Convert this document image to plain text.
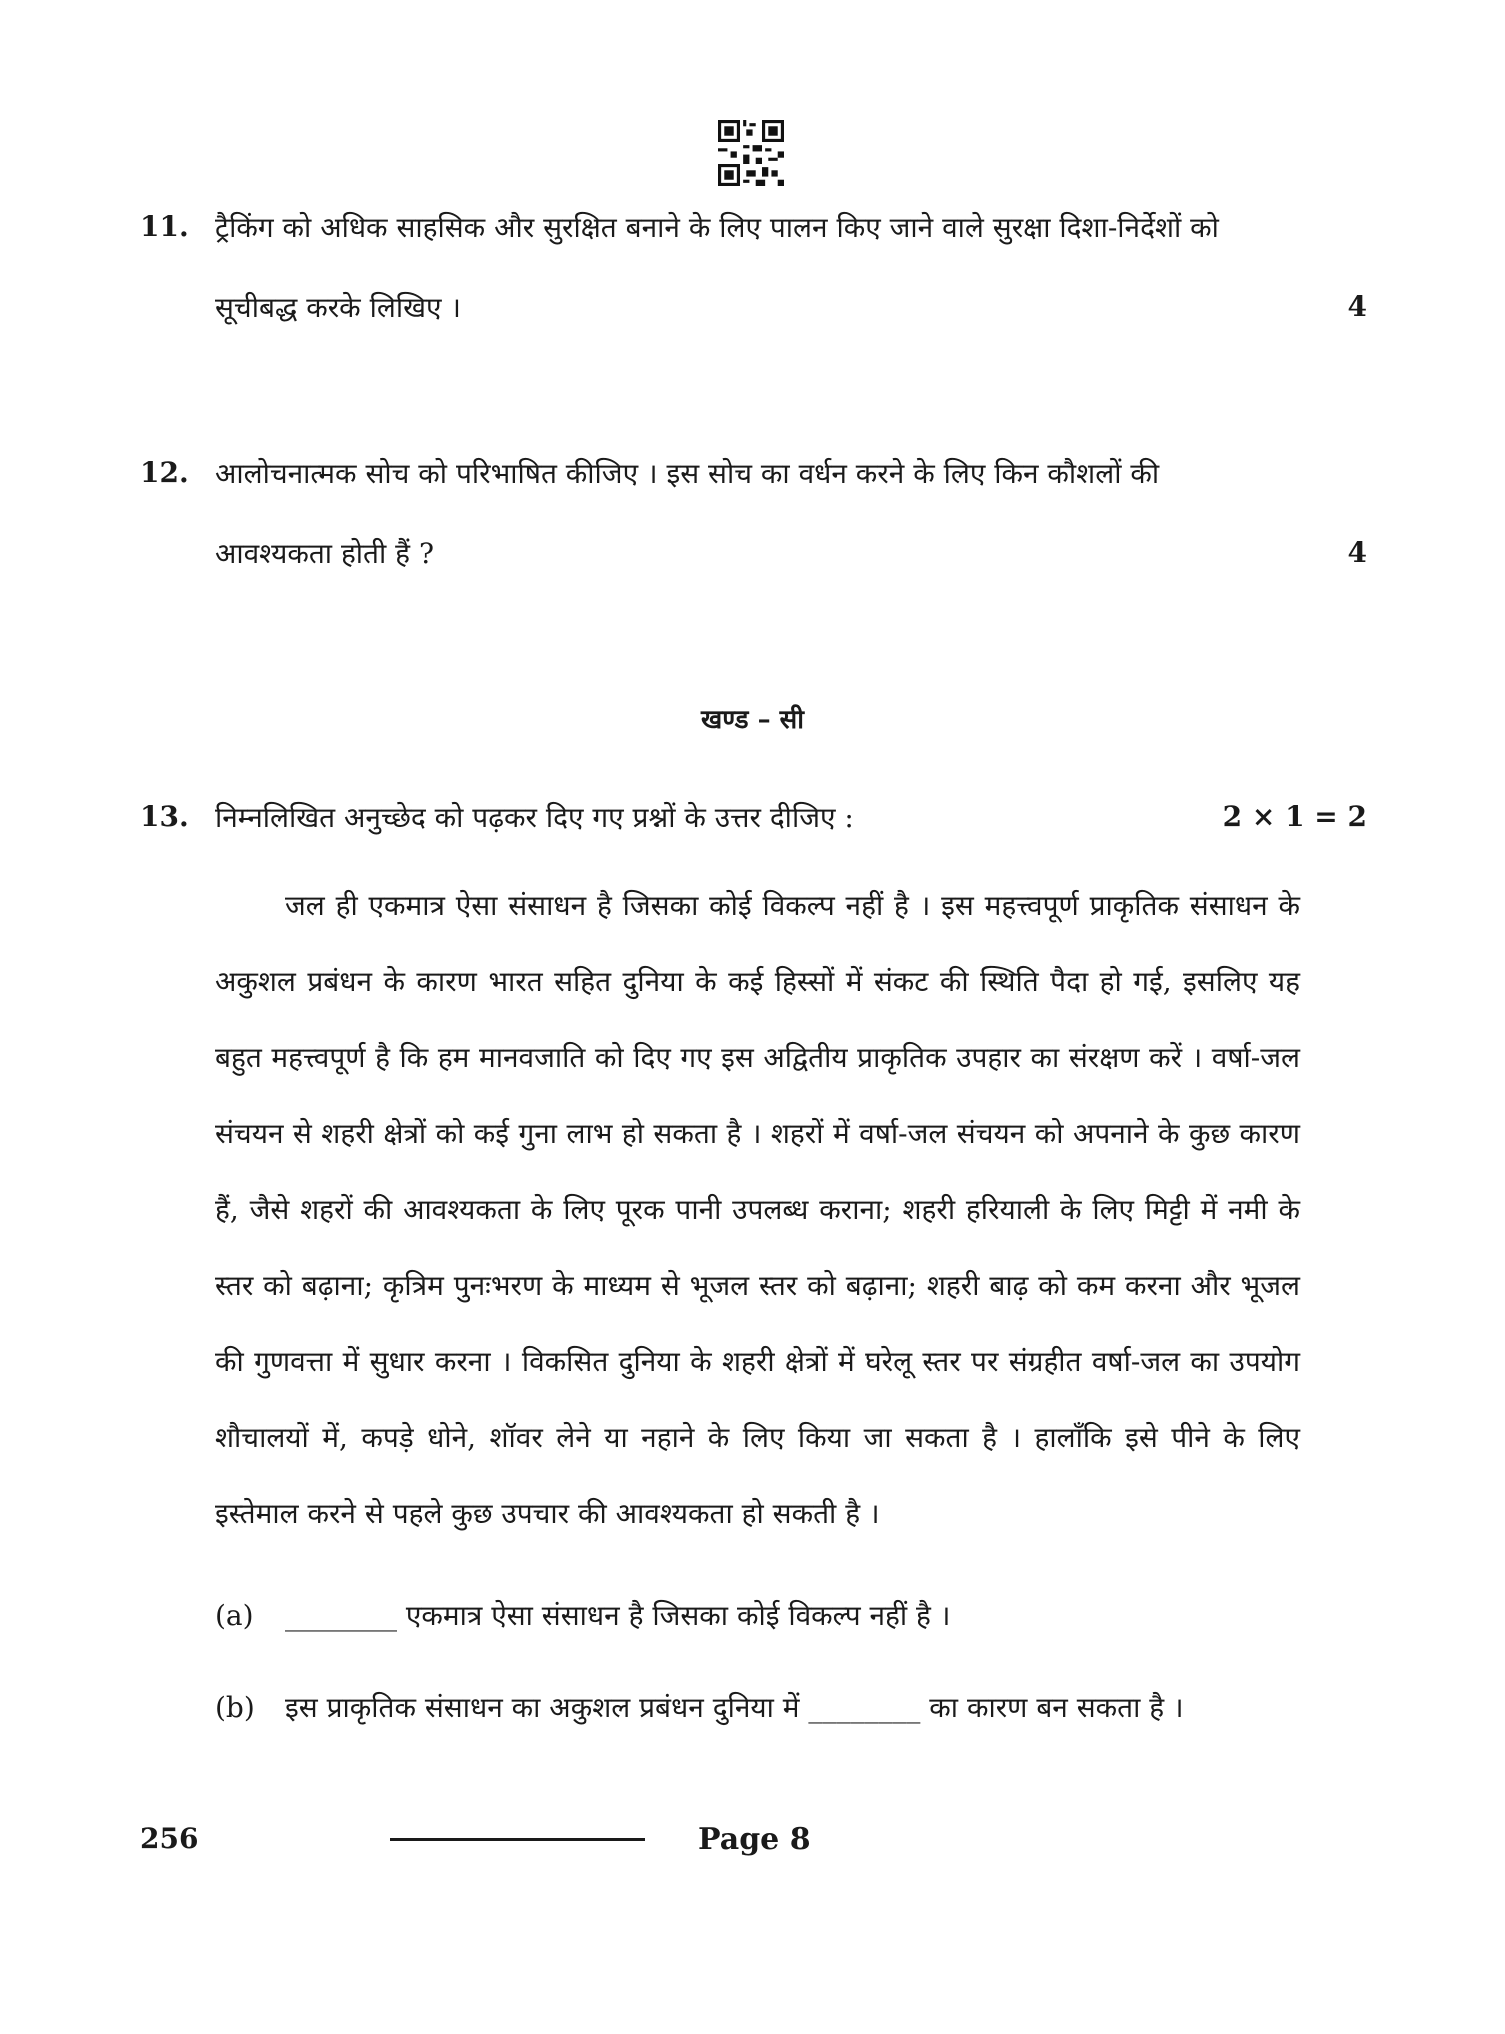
11. ट्रैकिंग को अधिक साहसिक और सुरक्षित बनाने के लिए पालन किए जाने वाले सुरक्षा दिशा-निर्देशों को
सूचीबद्ध करके लिखिए ।	4
12. आलोचनात्मक सोच को परिभाषित कीजिए । इस सोच का वर्धन करने के लिए किन कौशलों की
आवश्यकता होती हैं ?	4
खण्ड – सी
13. निम्नलिखित अनुच्छेद को पढ़कर दिए गए प्रश्नों के उत्तर दीजिए :	2 × 1 = 2
जल ही एकमात्र ऐसा संसाधन है जिसका कोई विकल्प नहीं है । इस महत्त्वपूर्ण प्राकृतिक संसाधन के अकुशल प्रबंधन के कारण भारत सहित दुनिया के कई हिस्सों में संकट की स्थिति पैदा हो गई, इसलिए यह बहुत महत्त्वपूर्ण है कि हम मानवजाति को दिए गए इस अद्वितीय प्राकृतिक उपहार का संरक्षण करें । वर्षा-जल संचयन से शहरी क्षेत्रों को कई गुना लाभ हो सकता है । शहरों में वर्षा-जल संचयन को अपनाने के कुछ कारण हैं, जैसे शहरों की आवश्यकता के लिए पूरक पानी उपलब्ध कराना; शहरी हरियाली के लिए मिट्टी में नमी के स्तर को बढ़ाना; कृत्रिम पुनःभरण के माध्यम से भूजल स्तर को बढ़ाना; शहरी बाढ़ को कम करना और भूजल की गुणवत्ता में सुधार करना । विकसित दुनिया के शहरी क्षेत्रों में घरेलू स्तर पर संग्रहीत वर्षा-जल का उपयोग शौचालयों में, कपड़े धोने, शॉवर लेने या नहाने के लिए किया जा सकता है । हालाँकि इसे पीने के लिए इस्तेमाल करने से पहले कुछ उपचार की आवश्यकता हो सकती है ।
(a) ________ एकमात्र ऐसा संसाधन है जिसका कोई विकल्प नहीं है ।
(b) इस प्राकृतिक संसाधन का अकुशल प्रबंधन दुनिया में ________ का कारण बन सकता है ।
256	Page 8
